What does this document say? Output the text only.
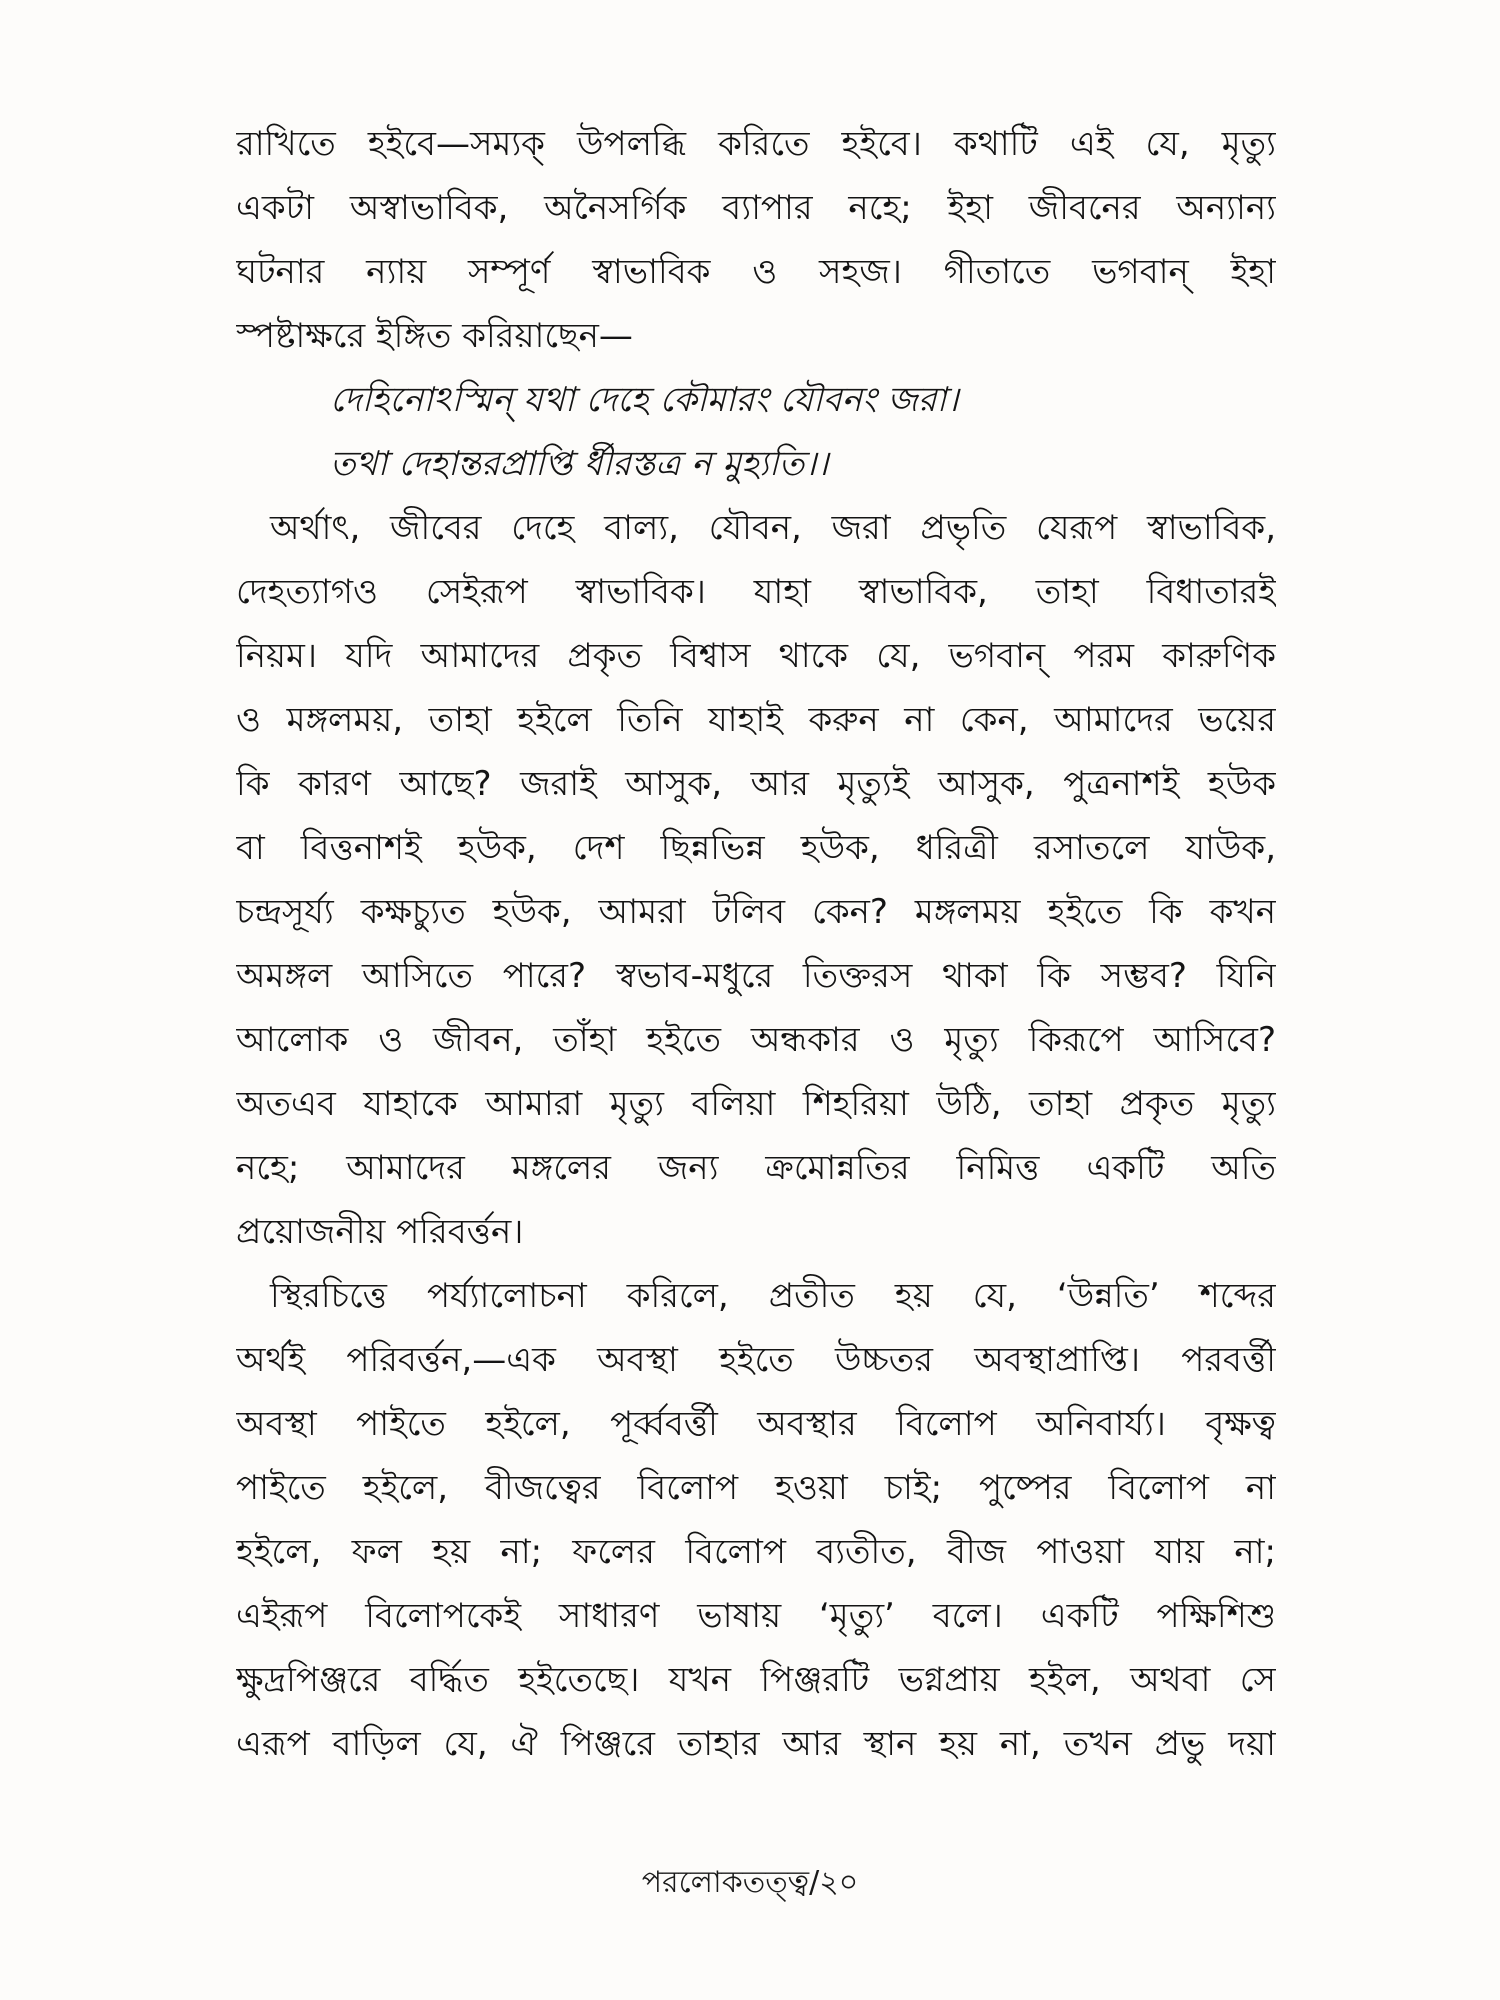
রাখিতে হইবে—সম্যক্ উপলব্ধি করিতে হইবে। কথাটি এই যে, মৃত্যু
একটা অস্বাভাবিক, অনৈসর্গিক ব্যাপার নহে; ইহা জীবনের অন্যান্য
ঘটনার ন্যায় সম্পূর্ণ স্বাভাবিক ও সহজ। গীতাতে ভগবান্ ইহা
স্পষ্টাক্ষরে ইঙ্গিত করিয়াছেন—
দেহিনোঽস্মিন্ যথা দেহে কৌমারং যৌবনং জরা।
তথা দেহান্তরপ্রাপ্তি র্ধীরস্তত্র ন মুহ্যতি।।
অর্থাৎ, জীবের দেহে বাল্য, যৌবন, জরা প্রভৃতি যেরূপ স্বাভাবিক,
দেহত্যাগও সেইরূপ স্বাভাবিক। যাহা স্বাভাবিক, তাহা বিধাতারই
নিয়ম। যদি আমাদের প্রকৃত বিশ্বাস থাকে যে, ভগবান্ পরম কারুণিক
ও মঙ্গলময়, তাহা হইলে তিনি যাহাই করুন না কেন, আমাদের ভয়ের
কি কারণ আছে? জরাই আসুক, আর মৃত্যুই আসুক, পুত্রনাশই হউক
বা বিত্তনাশই হউক, দেশ ছিন্নভিন্ন হউক, ধরিত্রী রসাতলে যাউক,
চন্দ্রসূর্য্য কক্ষচ্যুত হউক, আমরা টলিব কেন? মঙ্গলময় হইতে কি কখন
অমঙ্গল আসিতে পারে? স্বভাব-মধুরে তিক্তরস থাকা কি সম্ভব? যিনি
আলোক ও জীবন, তাঁহা হইতে অন্ধকার ও মৃত্যু কিরূপে আসিবে?
অতএব যাহাকে আমারা মৃত্যু বলিয়া শিহরিয়া উঠি, তাহা প্রকৃত মৃত্যু
নহে; আমাদের মঙ্গলের জন্য ক্রমোন্নতির নিমিত্ত একটি অতি
প্রয়োজনীয় পরিবর্ত্তন।
স্থিরচিত্তে পর্য্যালোচনা করিলে, প্রতীত হয় যে, ‘উন্নতি’ শব্দের
অর্থই পরিবর্ত্তন,—এক অবস্থা হইতে উচ্চতর অবস্থাপ্রাপ্তি। পরবর্ত্তী
অবস্থা পাইতে হইলে, পূর্ব্ববর্ত্তী অবস্থার বিলোপ অনিবার্য্য। বৃক্ষত্ব
পাইতে হইলে, বীজত্বের বিলোপ হওয়া চাই; পুষ্পের বিলোপ না
হইলে, ফল হয় না; ফলের বিলোপ ব্যতীত, বীজ পাওয়া যায় না;
এইরূপ বিলোপকেই সাধারণ ভাষায় ‘মৃত্যু’ বলে। একটি পক্ষিশিশু
ক্ষুদ্রপিঞ্জরে বর্দ্ধিত হইতেছে। যখন পিঞ্জরটি ভগ্নপ্রায় হইল, অথবা সে
এরূপ বাড়িল যে, ঐ পিঞ্জরে তাহার আর স্থান হয় না, তখন প্রভু দয়া
পরলোকতত্ত্ব/২০
